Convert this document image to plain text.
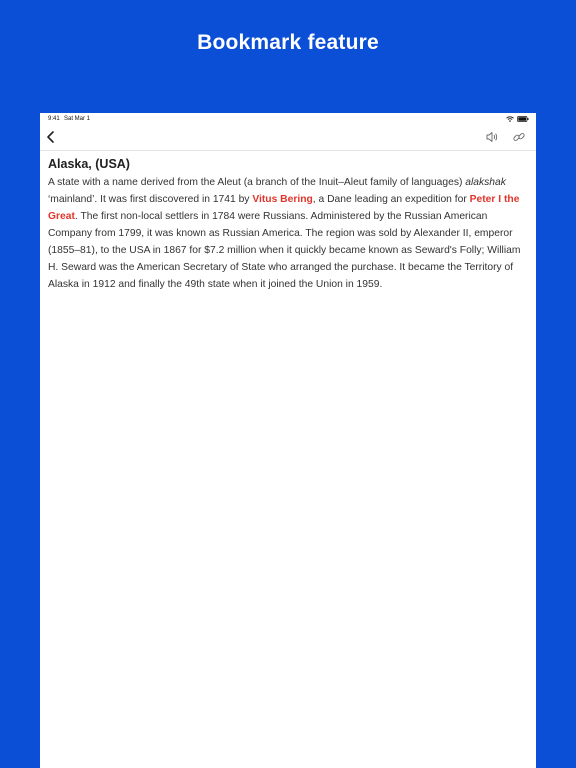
Bookmark feature
9:41 Sat Mar 1
Alaska, (USA)

A state with a name derived from the Aleut (a branch of the Inuit–Aleut family of languages) alakshak ‘mainland’. It was first discovered in 1741 by Vitus Bering, a Dane leading an expedition for Peter I the Great. The first non-local settlers in 1784 were Russians. Administered by the Russian American Company from 1799, it was known as Russian America. The region was sold by Alexander II, emperor (1855–81), to the USA in 1867 for $7.2 million when it quickly became known as Seward's Folly; William H. Seward was the American Secretary of State who arranged the purchase. It became the Territory of Alaska in 1912 and finally the 49th state when it joined the Union in 1959.
